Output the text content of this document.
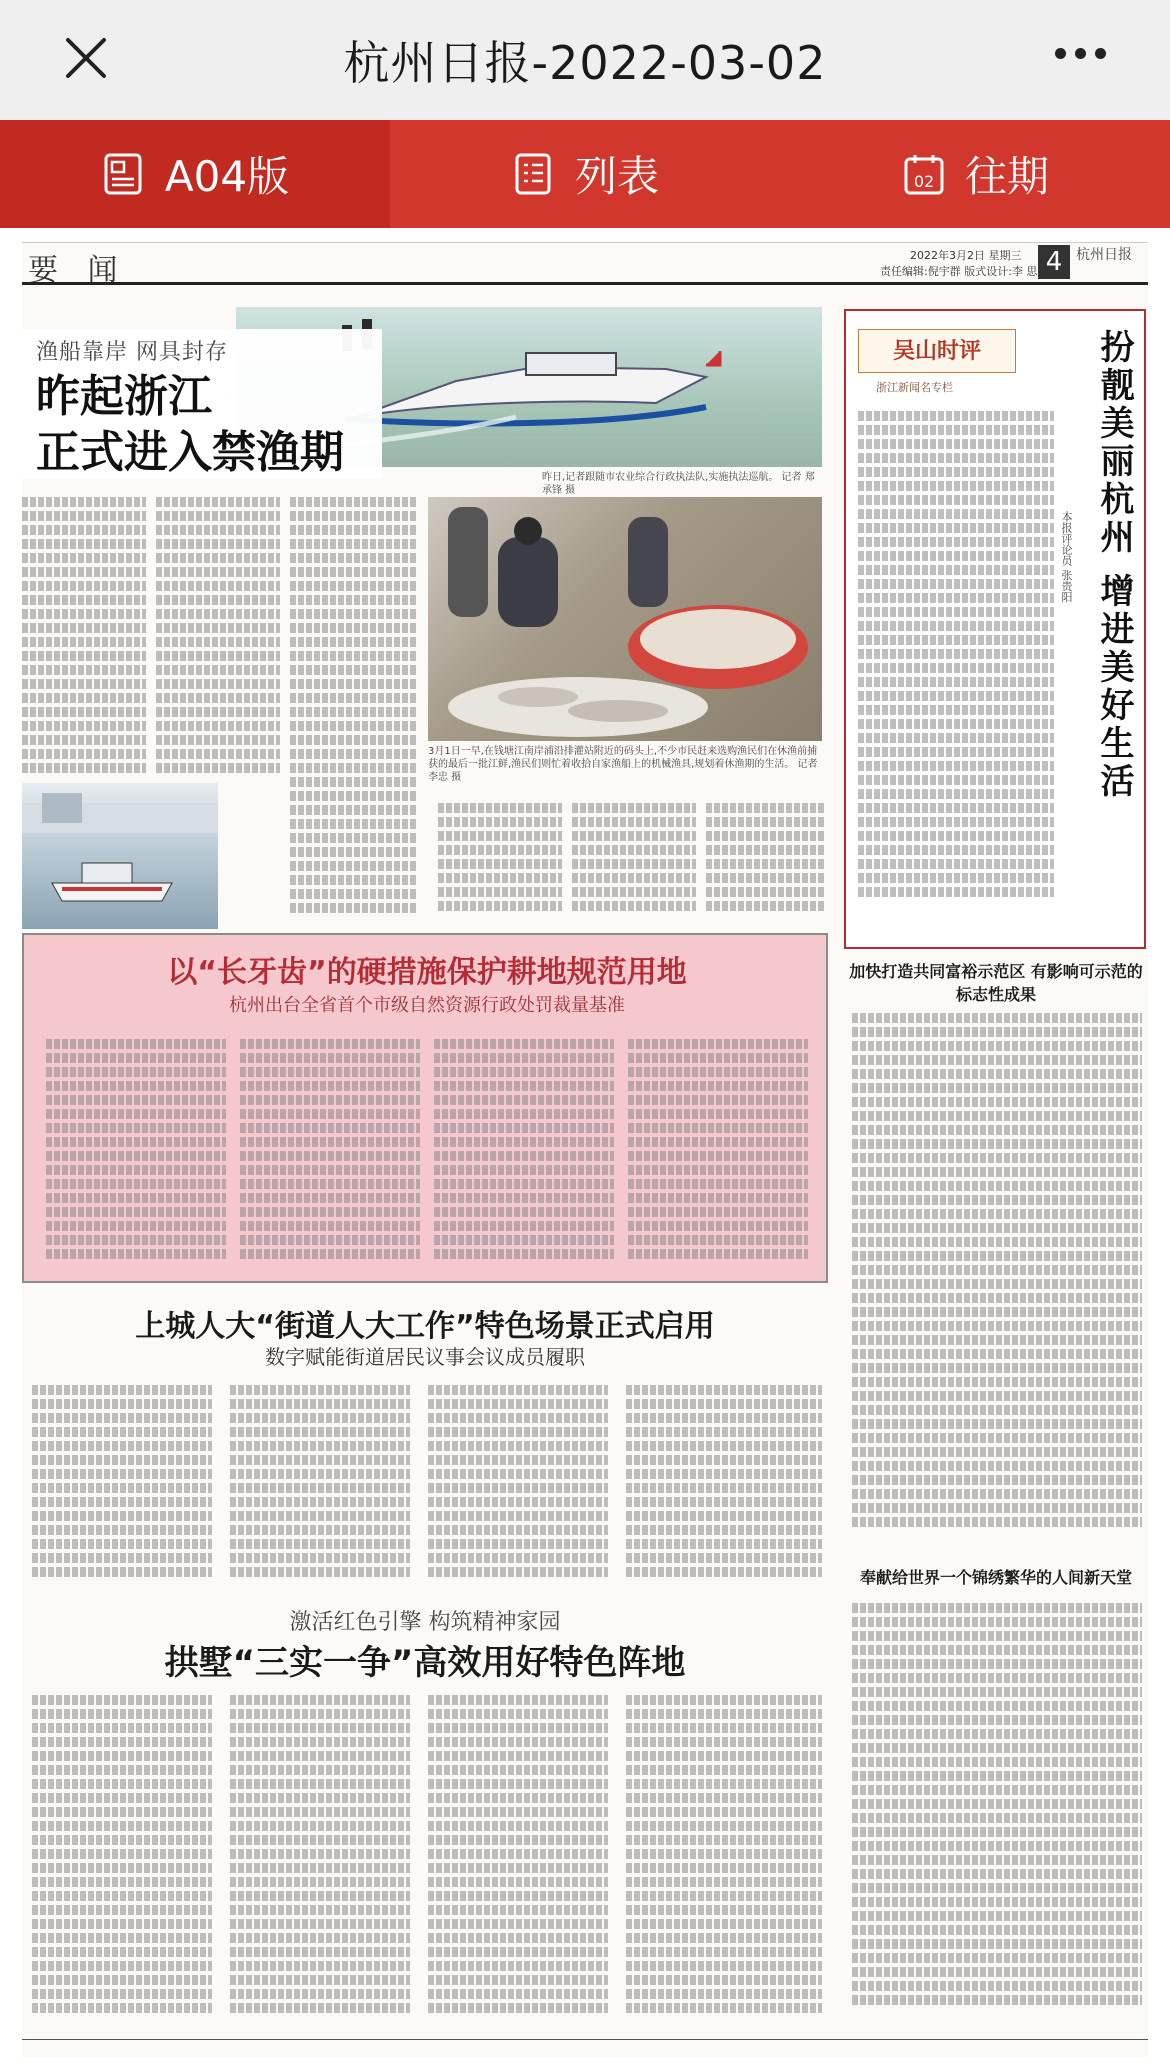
杭州日报-2022-03-02
A04版	列表	02 往期
要 闻	2022年3月2日 星期三
责任编辑:倪宇群 版式设计:李 思 4 杭州日报
渔船靠岸 网具封存
昨起浙江
正式进入禁渔期	昨日,记者跟随市农业综合行政执法队,实施执法巡航。 记者 郑承锋 摄
3月1日一早,在钱塘江南岸浦沿排灌站附近的码头上,不少市民赶来选购渔民们在休渔前捕获的最后一批江鲜,渔民们则忙着收拾自家渔船上的机械渔具,规划着休渔期的生活。 记者 李忠 摄
以“长牙齿”的硬措施保护耕地规范用地
杭州出台全省首个市级自然资源行政处罚裁量基准
上城人大“街道人大工作”特色场景正式启用
数字赋能街道居民议事会议成员履职
激活红色引擎 构筑精神家园
拱墅“三实一争”高效用好特色阵地
吴山时评
浙江新闻名专栏	扮靓美丽杭州 增进美好生活
本报评论员 张贵阳
加快打造共同富裕示范区 有影响可示范的标志性成果
奉献给世界一个锦绣繁华的人间新天堂
